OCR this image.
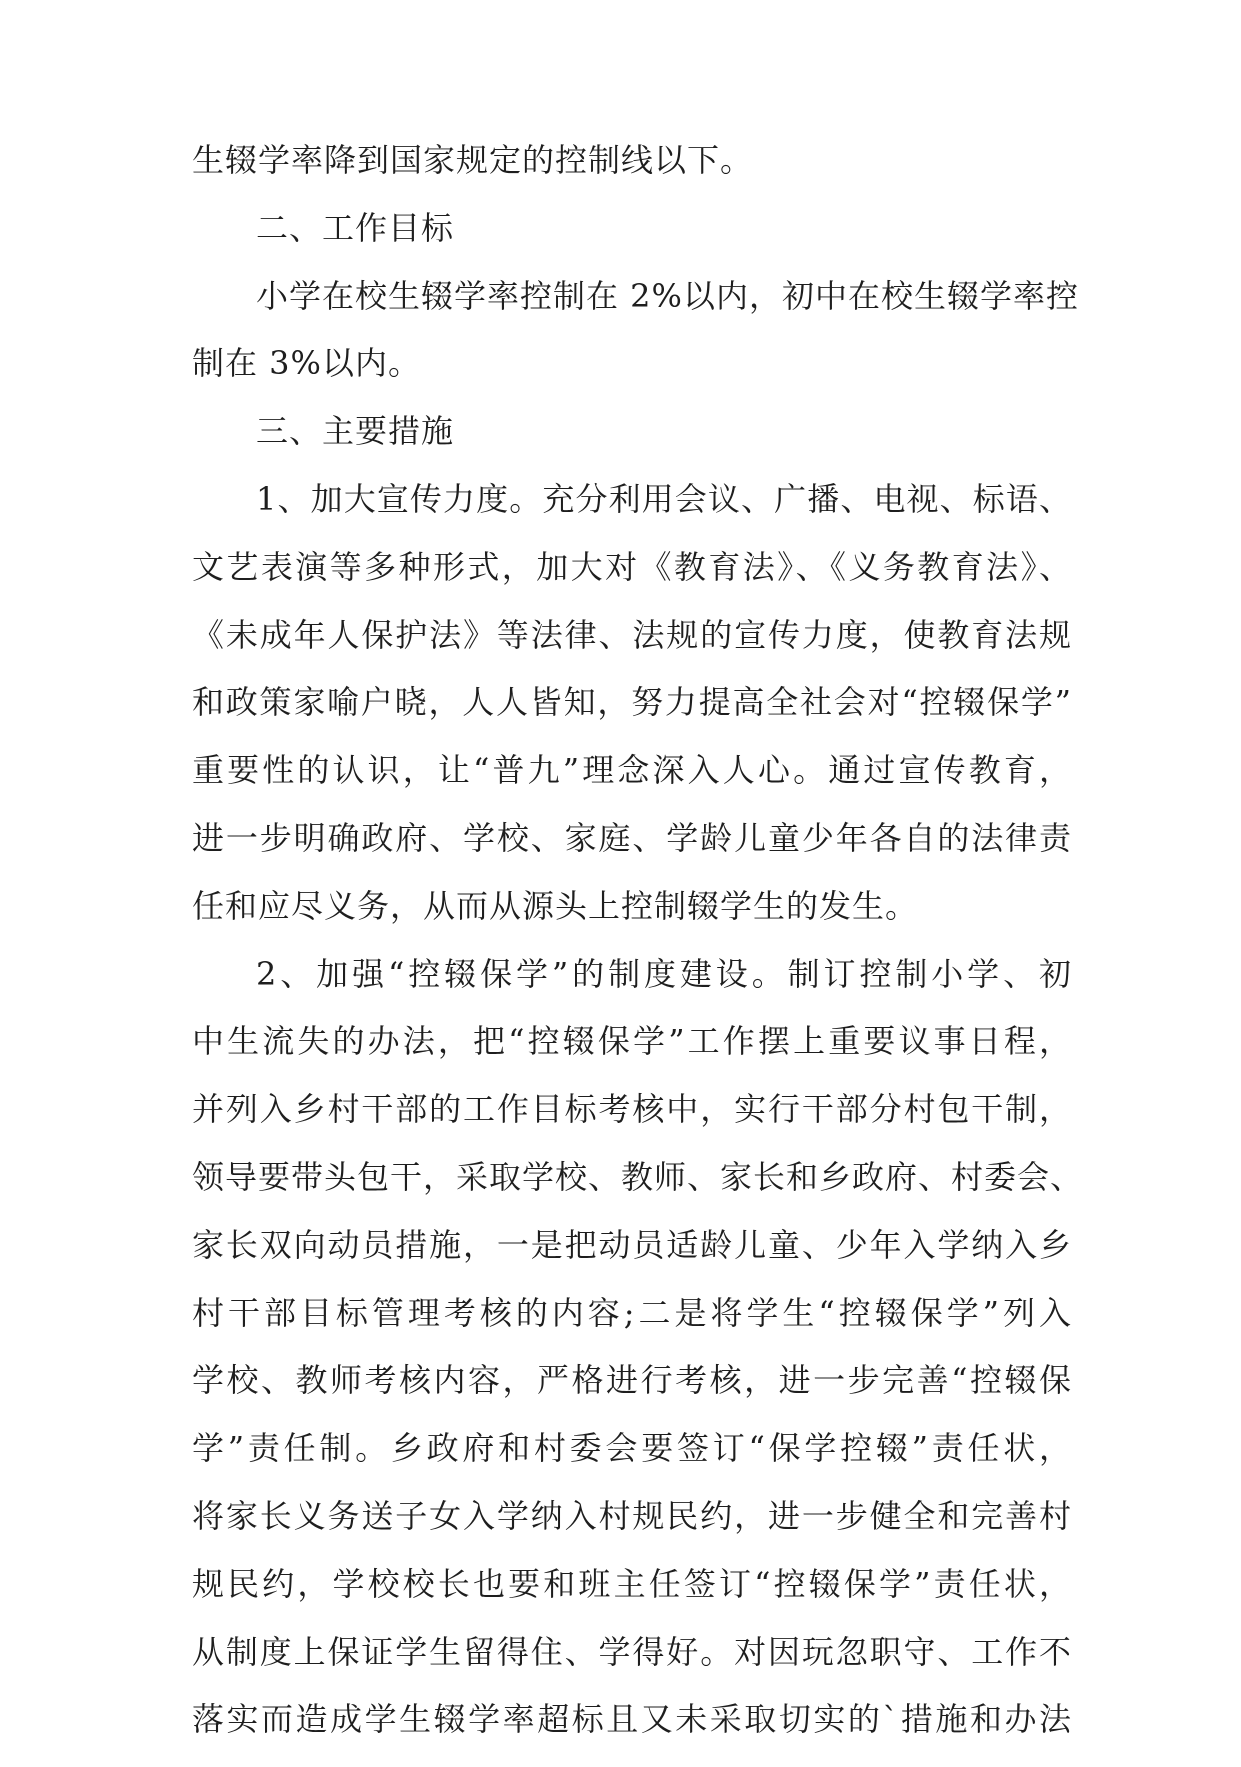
生辍学率降到国家规定的控制线以下。
二、工作目标
小学在校生辍学率控制在 2%以内，初中在校生辍学率控
制在 3%以内。
三、主要措施
1、加大宣传力度。充分利用会议、广播、电视、标语、
文艺表演等多种形式，加大对《教育法》、《义务教育法》、
《未成年人保护法》等法律、法规的宣传力度，使教育法规
和政策家喻户晓，人人皆知，努力提高全社会对“控辍保学”
重要性的认识，让“普九”理念深入人心。通过宣传教育，
进一步明确政府、学校、家庭、学龄儿童少年各自的法律责
任和应尽义务，从而从源头上控制辍学生的发生。
2、加强“控辍保学”的制度建设。制订控制小学、初
中生流失的办法，把“控辍保学”工作摆上重要议事日程，
并列入乡村干部的工作目标考核中，实行干部分村包干制，
领导要带头包干，采取学校、教师、家长和乡政府、村委会、
家长双向动员措施，一是把动员适龄儿童、少年入学纳入乡
村干部目标管理考核的内容;二是将学生“控辍保学”列入
学校、教师考核内容，严格进行考核，进一步完善“控辍保
学”责任制。乡政府和村委会要签订“保学控辍”责任状，
将家长义务送子女入学纳入村规民约，进一步健全和完善村
规民约，学校校长也要和班主任签订“控辍保学”责任状，
从制度上保证学生留得住、学得好。对因玩忽职守、工作不
落实而造成学生辍学率超标且又未采取切实的`措施和办法
